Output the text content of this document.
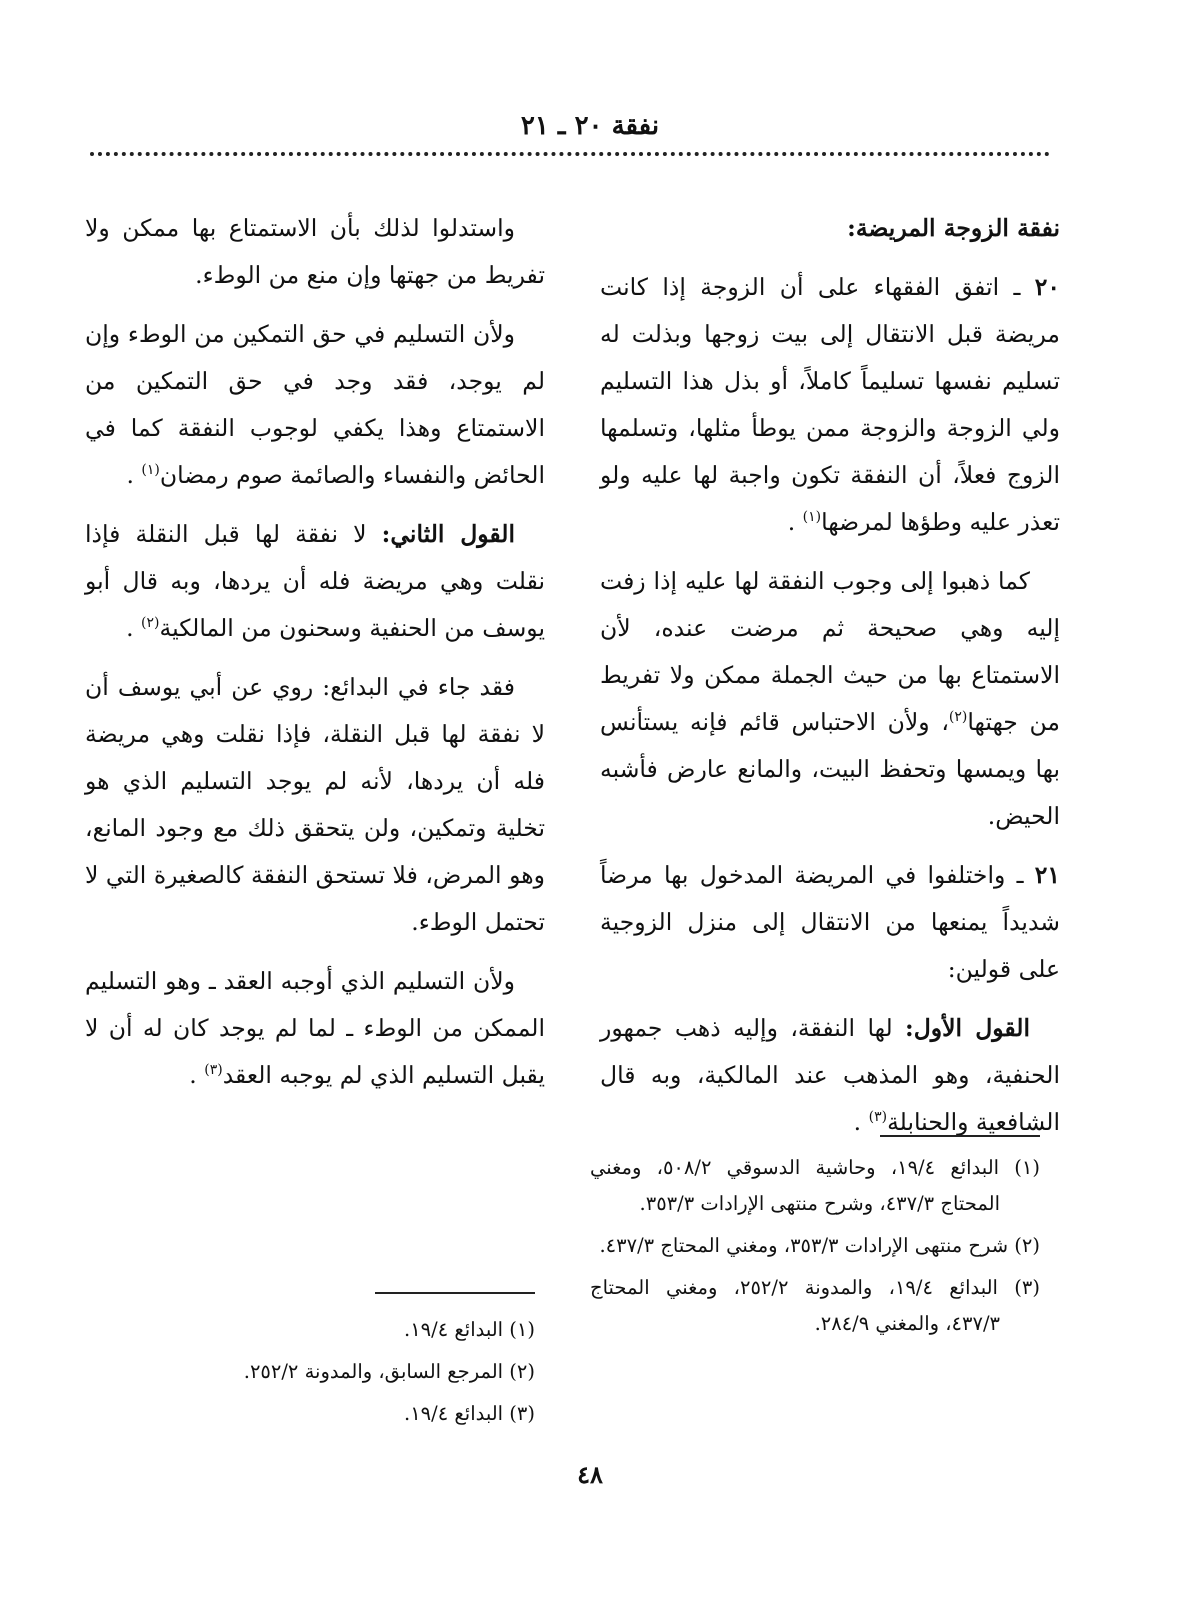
نفقة ٢٠ ـ ٢١

نفقة الزوجة المريضة:

٢٠ ـ اتفق الفقهاء على أن الزوجة إذا كانت مريضة قبل الانتقال إلى بيت زوجها وبذلت له تسليم نفسها تسليماً كاملاً، أو بذل هذا التسليم ولي الزوجة والزوجة ممن يوطأ مثلها، وتسلمها الزوج فعلاً، أن النفقة تكون واجبة لها عليه ولو تعذر عليه وطؤها لمرضها$^{(١)}$ .

كما ذهبوا إلى وجوب النفقة لها عليه إذا زفت إليه وهي صحيحة ثم مرضت عنده، لأن الاستمتاع بها من حيث الجملة ممكن ولا تفريط من جهتها$^{(٢)}$، ولأن الاحتباس قائم فإنه يستأنس بها ويمسها وتحفظ البيت، والمانع عارض فأشبه الحيض.

٢١ ـ واختلفوا في المريضة المدخول بها مرضاً شديداً يمنعها من الانتقال إلى منزل الزوجية على قولين:

القول الأول: لها النفقة، وإليه ذهب جمهور الحنفية، وهو المذهب عند المالكية، وبه قال الشافعية والحنابلة$^{(٣)}$ .

واستدلوا لذلك بأن الاستمتاع بها ممكن ولا تفريط من جهتها وإن منع من الوطء.

ولأن التسليم في حق التمكين من الوطء وإن لم يوجد، فقد وجد في حق التمكين من الاستمتاع وهذا يكفي لوجوب النفقة كما في الحائض والنفساء والصائمة صوم رمضان$^{(١)}$ .

القول الثاني: لا نفقة لها قبل النقلة فإذا نقلت وهي مريضة فله أن يردها، وبه قال أبو يوسف من الحنفية وسحنون من المالكية$^{(٢)}$ .

فقد جاء في البدائع: روي عن أبي يوسف أن لا نفقة لها قبل النقلة، فإذا نقلت وهي مريضة فله أن يردها، لأنه لم يوجد التسليم الذي هو تخلية وتمكين، ولن يتحقق ذلك مع وجود المانع، وهو المرض، فلا تستحق النفقة كالصغيرة التي لا تحتمل الوطء.

ولأن التسليم الذي أوجبه العقد ـ وهو التسليم الممكن من الوطء ـ لما لم يوجد كان له أن لا يقبل التسليم الذي لم يوجبه العقد$^{(٣)}$ .

(١) البدائع ١٩/٤، وحاشية الدسوقي ٥٠٨/٢، ومغني المحتاج ٤٣٧/٣، وشرح منتهى الإرادات ٣٥٣/٣.
(٢) شرح منتهى الإرادات ٣٥٣/٣، ومغني المحتاج ٤٣٧/٣.
(٣) البدائع ١٩/٤، والمدونة ٢٥٢/٢، ومغني المحتاج ٤٣٧/٣، والمغني ٢٨٤/٩.
(١) البدائع ١٩/٤.
(٢) المرجع السابق، والمدونة ٢٥٢/٢.
(٣) البدائع ١٩/٤.
٤٨
